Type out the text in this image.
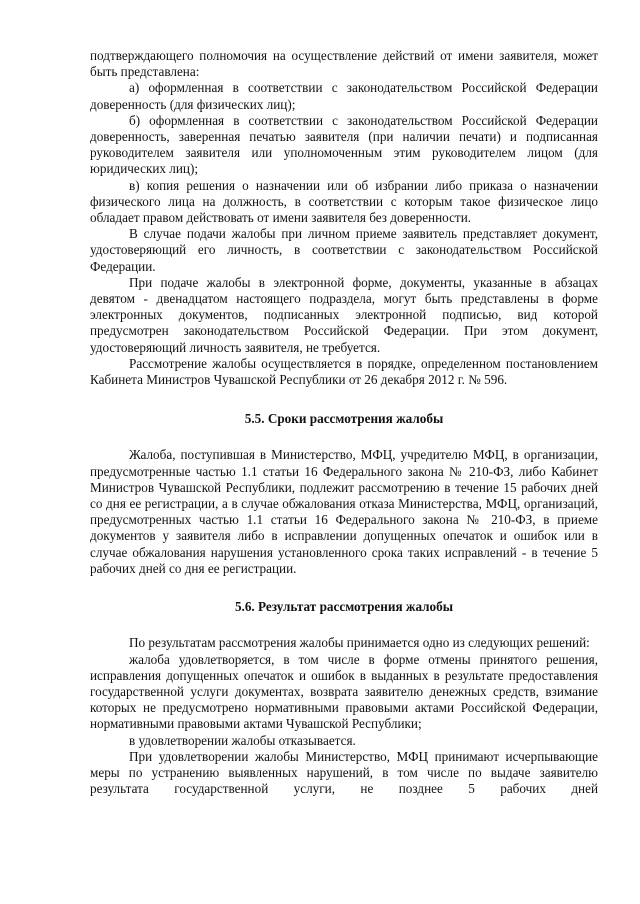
подтверждающего полномочия на осуществление действий от имени заявителя, может быть представлена:

а) оформленная в соответствии с законодательством Российской Федерации доверенность (для физических лиц);

б) оформленная в соответствии с законодательством Российской Федерации доверенность, заверенная печатью заявителя (при наличии печати) и подписанная руководителем заявителя или уполномоченным этим руководителем лицом (для юридических лиц);

в) копия решения о назначении или об избрании либо приказа о назначении физического лица на должность, в соответствии с которым такое физическое лицо обладает правом действовать от имени заявителя без доверенности.

В случае подачи жалобы при личном приеме заявитель представляет документ, удостоверяющий его личность, в соответствии с законодательством Российской Федерации.

При подаче жалобы в электронной форме, документы, указанные в абзацах девятом - двенадцатом настоящего подраздела, могут быть представлены в форме электронных документов, подписанных электронной подписью, вид которой предусмотрен законодательством Российской Федерации. При этом документ, удостоверяющий личность заявителя, не требуется.

Рассмотрение жалобы осуществляется в порядке, определенном постановлением Кабинета Министров Чувашской Республики от 26 декабря 2012 г. № 596.

5.5. Сроки рассмотрения жалобы

Жалоба, поступившая в Министерство, МФЦ, учредителю МФЦ, в организации, предусмотренные частью 1.1 статьи 16 Федерального закона № 210-ФЗ, либо Кабинет Министров Чувашской Республики, подлежит рассмотрению в течение 15 рабочих дней со дня ее регистрации, а в случае обжалования отказа Министерства, МФЦ, организаций, предусмотренных частью 1.1 статьи 16 Федерального закона № 210-ФЗ, в приеме документов у заявителя либо в исправлении допущенных опечаток и ошибок или в случае обжалования нарушения установленного срока таких исправлений - в течение 5 рабочих дней со дня ее регистрации.

5.6. Результат рассмотрения жалобы

По результатам рассмотрения жалобы принимается одно из следующих решений:

жалоба удовлетворяется, в том числе в форме отмены принятого решения, исправления допущенных опечаток и ошибок в выданных в результате предоставления государственной услуги документах, возврата заявителю денежных средств, взимание которых не предусмотрено нормативными правовыми актами Российской Федерации, нормативными правовыми актами Чувашской Республики;

в удовлетворении жалобы отказывается.

При удовлетворении жалобы Министерство, МФЦ принимают исчерпывающие меры по устранению выявленных нарушений, в том числе по выдаче заявителю результата государственной услуги, не позднее 5 рабочих дней
